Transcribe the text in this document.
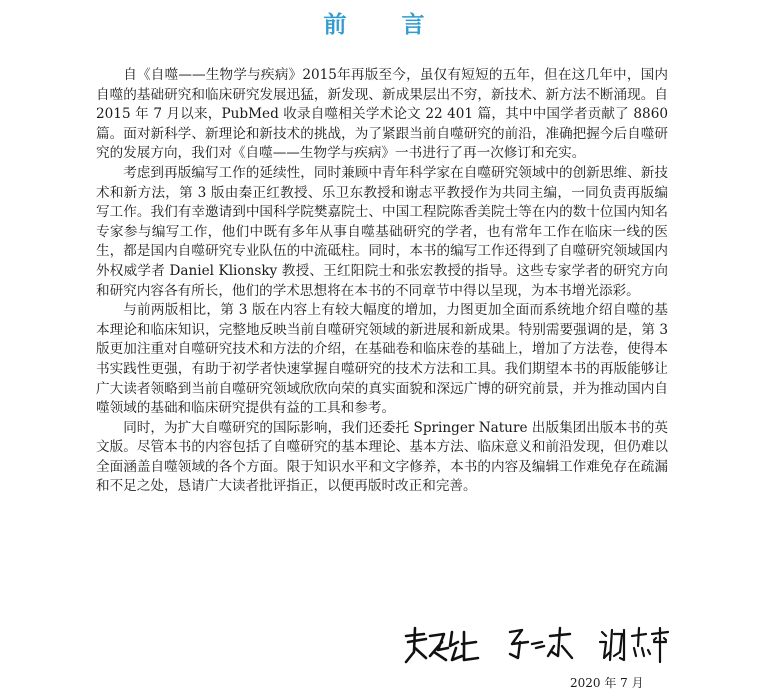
前　言

自《自噬——生物学与疾病》2015年再版至今，虽仅有短短的五年，但在这几年中，国内自噬的基础研究和临床研究发展迅猛，新发现、新成果层出不穷，新技术、新方法不断涌现。自 2015 年 7 月以来，PubMed 收录自噬相关学术论文 22 401 篇，其中中国学者贡献了 8860 篇。面对新科学、新理论和新技术的挑战，为了紧跟当前自噬研究的前沿，准确把握今后自噬研究的发展方向，我们对《自噬——生物学与疾病》一书进行了再一次修订和充实。

考虑到再版编写工作的延续性，同时兼顾中青年科学家在自噬研究领域中的创新思维、新技术和新方法，第 3 版由秦正红教授、乐卫东教授和谢志平教授作为共同主编，一同负责再版编写工作。我们有幸邀请到中国科学院樊嘉院士、中国工程院陈香美院士等在内的数十位国内知名专家参与编写工作，他们中既有多年从事自噬基础研究的学者，也有常年工作在临床一线的医生，都是国内自噬研究专业队伍的中流砥柱。同时，本书的编写工作还得到了自噬研究领域国内外权威学者 Daniel Klionsky 教授、王红阳院士和张宏教授的指导。这些专家学者的研究方向和研究内容各有所长，他们的学术思想将在本书的不同章节中得以呈现，为本书增光添彩。

与前两版相比，第 3 版在内容上有较大幅度的增加，力图更加全面而系统地介绍自噬的基本理论和临床知识，完整地反映当前自噬研究领域的新进展和新成果。特别需要强调的是，第 3 版更加注重对自噬研究技术和方法的介绍，在基础卷和临床卷的基础上，增加了方法卷，使得本书实践性更强，有助于初学者快速掌握自噬研究的技术方法和工具。我们期望本书的再版能够让广大读者领略到当前自噬研究领域欣欣向荣的真实面貌和深远广博的研究前景，并为推动国内自噬领域的基础和临床研究提供有益的工具和参考。

同时，为扩大自噬研究的国际影响，我们还委托 Springer Nature 出版集团出版本书的英文版。尽管本书的内容包括了自噬研究的基本理论、基本方法、临床意义和前沿发现，但仍难以全面涵盖自噬领域的各个方面。限于知识水平和文字修养，本书的内容及编辑工作难免存在疏漏和不足之处，恳请广大读者批评指正，以便再版时改正和完善。

2020 年 7 月
